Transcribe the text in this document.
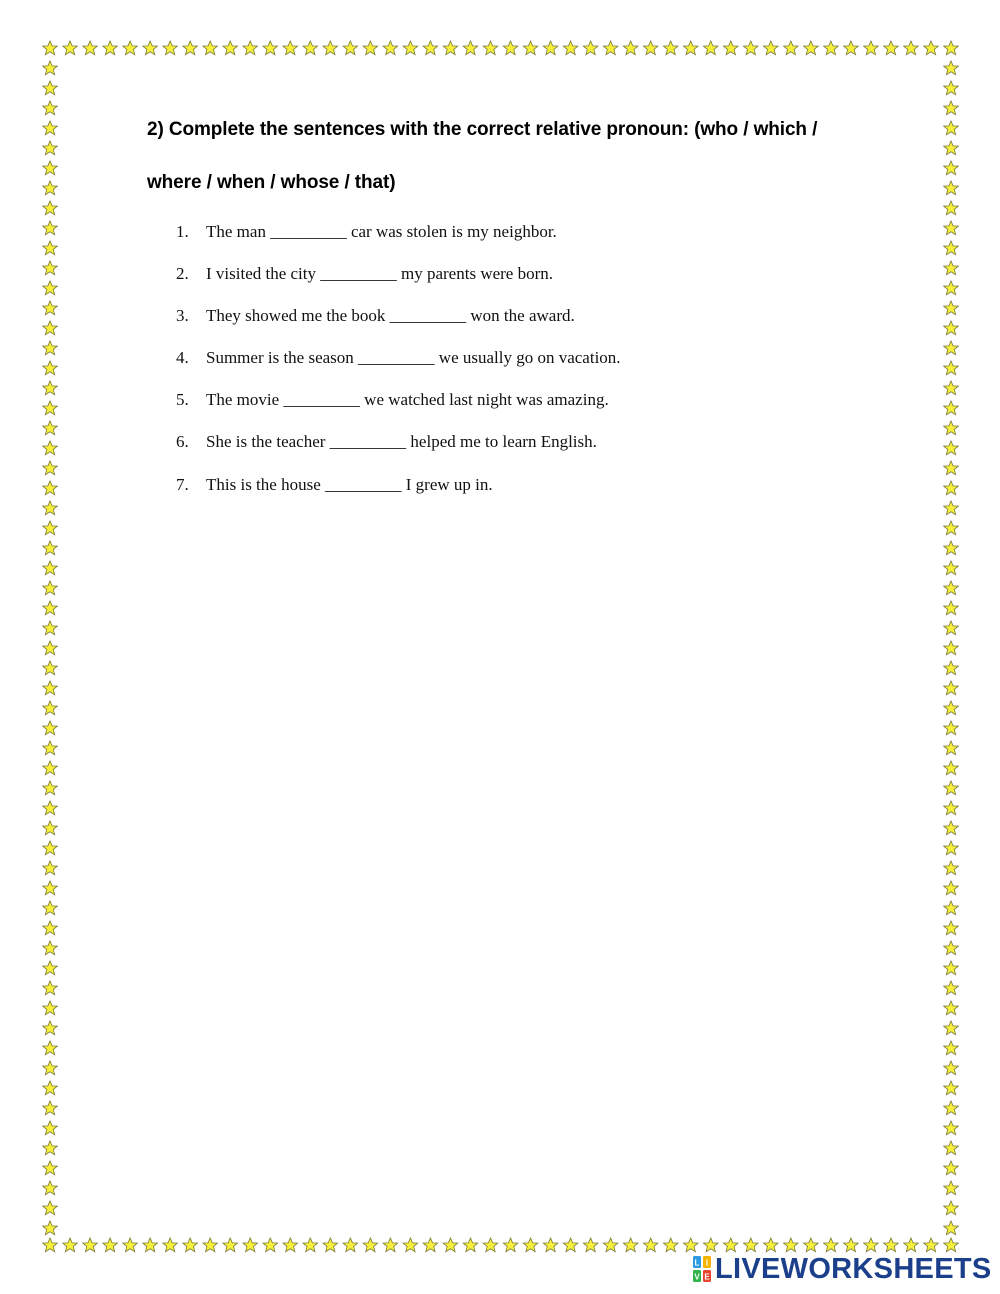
2) Complete the sentences with the correct relative pronoun: (who / which /
where / when / whose / that)
1. The man _________ car was stolen is my neighbor.
2. I visited the city _________ my parents were born.
3. They showed me the book _________ won the award.
4. Summer is the season _________ we usually go on vacation.
5. The movie _________ we watched last night was amazing.
6. She is the teacher _________ helped me to learn English.
7. This is the house _________ I grew up in.
L I
V E LIVEWORKSHEETS
